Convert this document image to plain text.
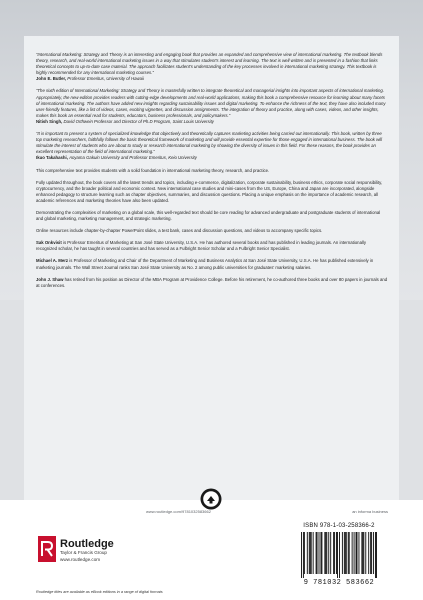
“International Marketing: Strategy and Theory is an interesting and engaging book that provides an expanded and comprehensive view of international marketing. The textbook blends theory, research, and real-world international marketing issues in a way that stimulates student’s interest and learning. The text is well written and is presented in a fashion that links theoretical concepts to up-to-date case material. The approach facilitates student’s understanding of the key processes involved in international marketing strategy. This textbook is highly recommended for any international marketing courses.”
John E. Butler, Professor Emeritus, University of Hawaii

“The sixth edition of International Marketing: Strategy and Theory is masterfully written to integrate theoretical and managerial insights into important aspects of international marketing. Appropriately, the new edition provides readers with cutting-edge developments and real-world applications, making this book a comprehensive resource for learning about many facets of international marketing. The authors have added new insights regarding sustainability issues and digital marketing. To enhance the richness of the text, they have also included many user-friendly features, like a list of videos, cases, exciting vignettes, and discussion assignments. The integration of theory and practice, along with cases, videos, and other insights, makes this book an essential read for students, educators, business professionals, and policymakers.”
Nitish Singh, David Orthwein Professor and Director of Ph.D Program, Saint Louis University

“It is important to present a system of specialized knowledge that objectively and theoretically captures marketing activities being carried out internationally. This book, written by three top marketing researchers, faithfully follows the basic theoretical framework of marketing and will provide essential expertise for those engaged in international business. The book will stimulate the interest of students who are about to study or research international marketing by showing the diversity of issues in this field. For these reasons, the book provides an excellent representation of the field of international marketing.”
Ikuo Takahashi, Aoyama Gakuin University and Professor Emeritus, Keio University

This comprehensive text provides students with a solid foundation in international marketing theory, research, and practice.

Fully updated throughout, the book covers all the latest trends and topics, including e-commerce, digitalization, corporate sustainability, business ethics, corporate social responsibility, cryptocurrency, and the broader political and economic context. New international case studies and mini-cases from the US, Europe, China and Japan are incorporated, alongside enhanced pedagogy to structure learning such as chapter objectives, summaries, and discussion questions. Placing a unique emphasis on the importance of academic research, all academic references and marketing theories have also been updated.

Demonstrating the complexities of marketing on a global scale, this well-regarded text should be core reading for advanced undergraduate and postgraduate students of international and global marketing, marketing management, and strategic marketing.

Online resources include chapter-by-chapter PowerPoint slides, a test bank, cases and discussion questions, and videos to accompany specific topics.

Sak Onkvisit is Professor Emeritus of Marketing at San José State University, U.S.A. He has authored several books and has published in leading journals. An internationally recognized scholar, he has taught in several countries and has served as a Fulbright Senior Scholar and a Fulbright Senior Specialist.

Michael A. Merz is Professor of Marketing and Chair of the Department of Marketing and Business Analytics at San José State University, U.S.A. He has published extensively in marketing journals. The Wall Street Journal ranks San José State University as No. 2 among public universities for graduates’ marketing salaries.

John J. Shaw has retired from his position as Director of the MBA Program at Providence College. Before his retirement, he co-authored three books and over 80 papers in journals and at conferences.

www.routledge.com/9781032583662	an informa business
Routledge
Taylor & Francis Group
www.routledge.com
Routledge titles are available as eBook editions in a range of digital formats
ISBN 978-1-03-258366-2
9 781032 583662
